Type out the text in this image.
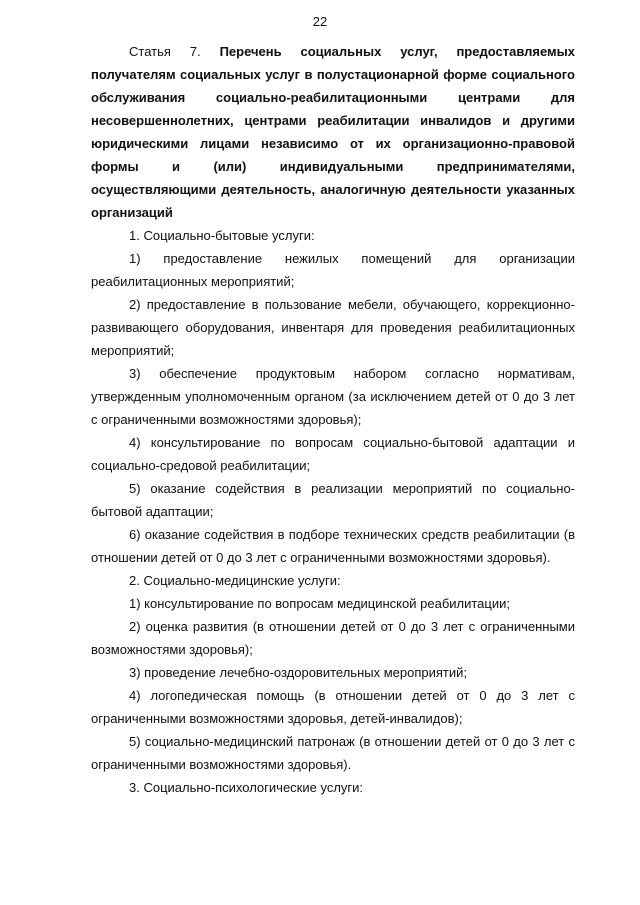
22

Статья 7. Перечень социальных услуг, предоставляемых получателям социальных услуг в полустационарной форме социального обслуживания социально-реабилитационными центрами для несовершеннолетних, центрами реабилитации инвалидов и другими юридическими лицами независимо от их организационно-правовой формы и (или) индивидуальными предпринимателями, осуществляющими деятельность, аналогичную деятельности указанных организаций

1. Социально-бытовые услуги:

1) предоставление нежилых помещений для организации реабилитационных мероприятий;

2) предоставление в пользование мебели, обучающего, коррекционно-развивающего оборудования, инвентаря для проведения реабилитационных мероприятий;

3) обеспечение продуктовым набором согласно нормативам, утвержденным уполномоченным органом (за исключением детей от 0 до 3 лет с ограниченными возможностями здоровья);

4) консультирование по вопросам социально-бытовой адаптации и социально-средовой реабилитации;

5) оказание содействия в реализации мероприятий по социально-бытовой адаптации;

6) оказание содействия в подборе технических средств реабилитации (в отношении детей от 0 до 3 лет с ограниченными возможностями здоровья).

2. Социально-медицинские услуги:

1) консультирование по вопросам медицинской реабилитации;

2) оценка развития (в отношении детей от 0 до 3 лет с ограниченными возможностями здоровья);

3) проведение лечебно-оздоровительных мероприятий;

4) логопедическая помощь (в отношении детей от 0 до 3 лет с ограниченными возможностями здоровья, детей-инвалидов);

5) социально-медицинский патронаж (в отношении детей от 0 до 3 лет с ограниченными возможностями здоровья).

3. Социально-психологические услуги:
